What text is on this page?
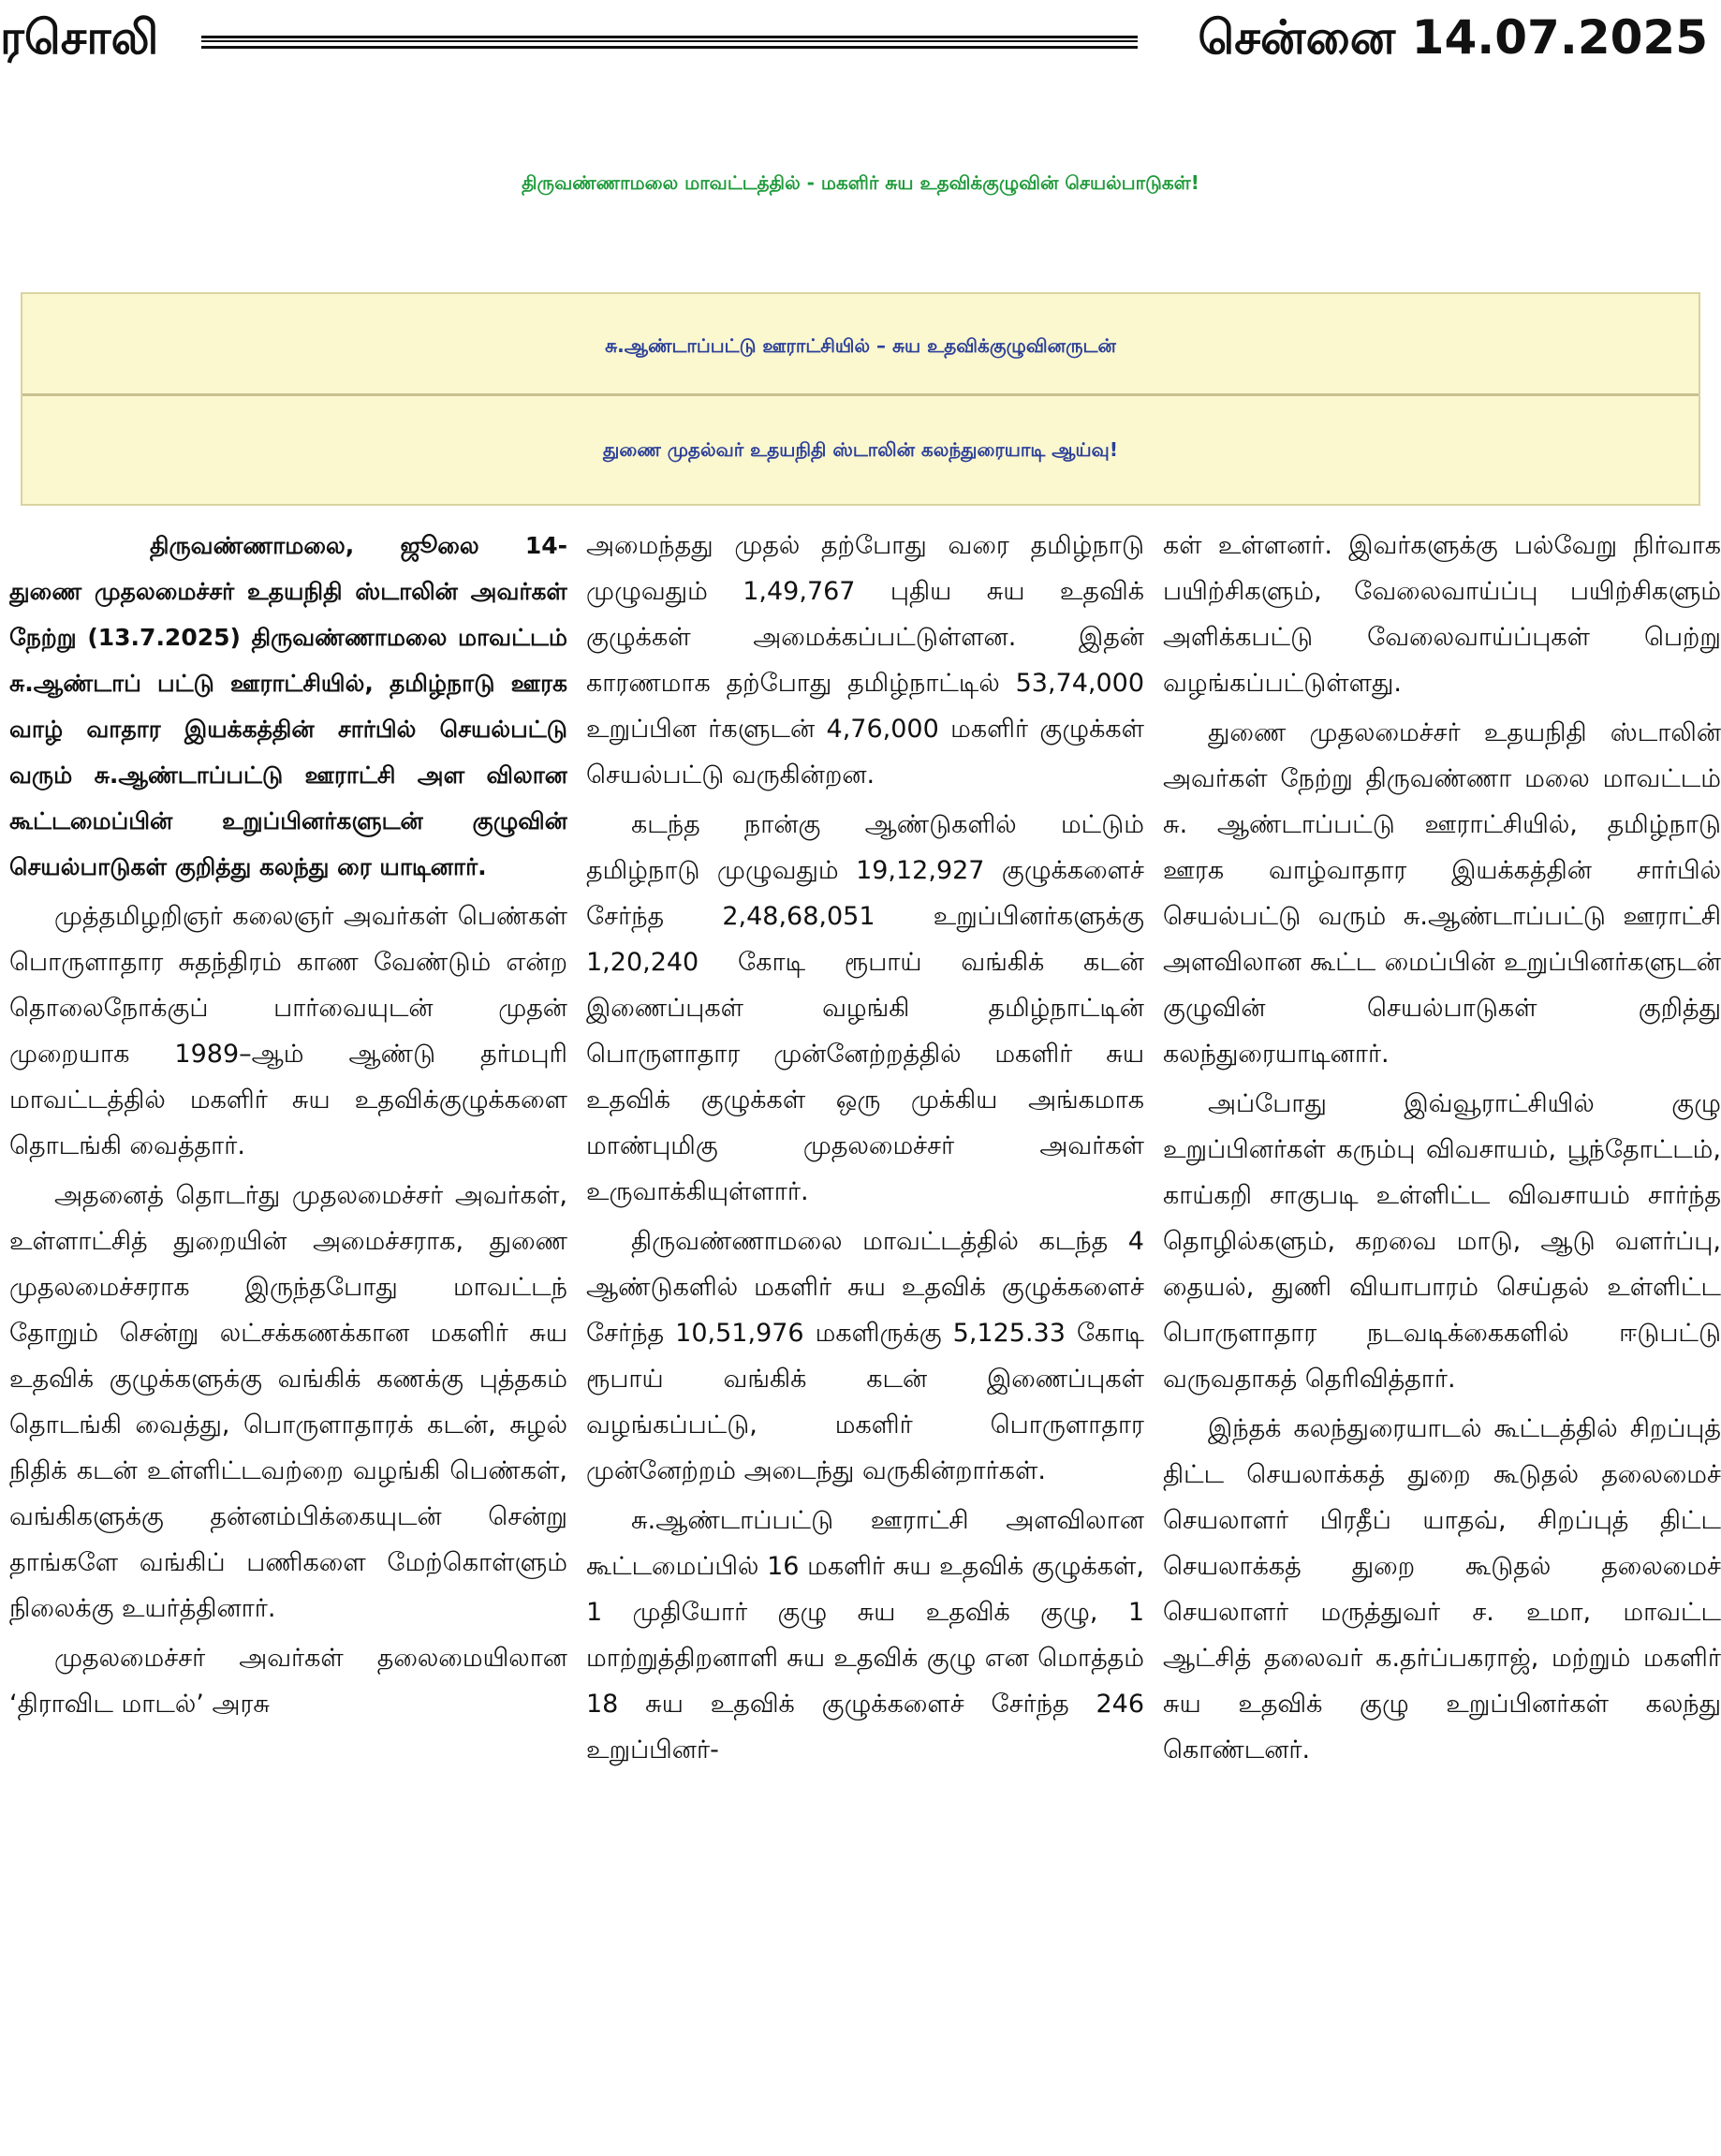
ரசொலி	சென்னை 14.07.2025
திருவண்ணாமலை மாவட்டத்தில் - மகளிர் சுய உதவிக்குழுவின் செயல்பாடுகள்!
சு.ஆண்டாப்பட்டு ஊராட்சியில் – சுய உதவிக்குழுவினருடன்
துணை முதல்வர் உதயநிதி ஸ்டாலின் கலந்துரையாடி ஆய்வு!

திருவண்ணாமலை, ஜூலை 14- துணை முதலமைச்சர் உதயநிதி ஸ்டாலின் அவர்கள் நேற்று (13.7.2025) திருவண்ணாமலை மாவட்டம் சு.ஆண்டாப் பட்டு ஊராட்சியில், தமிழ்நாடு ஊரக வாழ் வாதார இயக்கத்தின் சார்பில் செயல்பட்டு வரும் சு.ஆண்டாப்பட்டு ஊராட்சி அள விலான கூட்டமைப்பின் உறுப்பினர்களுடன் குழுவின் செயல்பாடுகள் குறித்து கலந்து ரை யாடினார்.

முத்தமிழறிஞர் கலைஞர் அவர்கள் பெண்கள் பொருளாதார சுதந்திரம் காண வேண்டும் என்ற தொலைநோக்குப் பார்வையுடன் முதன் முறையாக 1989–ஆம் ஆண்டு தர்மபுரி மாவட்டத்தில் மகளிர் சுய உதவிக்குழுக்களை தொடங்கி வைத்தார்.

அதனைத் தொடர்து முதலமைச்சர் அவர்கள், உள்ளாட்சித் துறையின் அமைச்சராக, துணை முதலமைச்சராக இருந்தபோது மாவட்டந் தோறும் சென்று லட்சக்கணக்கான மகளிர் சுய உதவிக் குழுக்களுக்கு வங்கிக் கணக்கு புத்தகம் தொடங்கி வைத்து, பொருளாதாரக் கடன், சுழல் நிதிக் கடன் உள்ளிட்டவற்றை வழங்கி பெண்கள், வங்கிகளுக்கு தன்னம்பிக்கையுடன் சென்று தாங்களே வங்கிப் பணிகளை மேற்கொள்ளும் நிலைக்கு உயர்த்தினார்.

முதலமைச்சர் அவர்கள் தலைமையிலான ‘திராவிட மாடல்’ அரசு

அமைந்தது முதல் தற்போது வரை தமிழ்நாடு முழுவதும் 1,49,767 புதிய சுய உதவிக் குழுக்கள் அமைக்கப்பட்டுள்ளன. இதன் காரணமாக தற்போது தமிழ்நாட்டில் 53,74,000 உறுப்பின ர்களுடன் 4,76,000 மகளிர் குழுக்கள் செயல்பட்டு வருகின்றன.

கடந்த நான்கு ஆண்டுகளில் மட்டும் தமிழ்நாடு முழுவதும் 19,12,927 குழுக்களைச் சேர்ந்த 2,48,68,051 உறுப்பினர்களுக்கு 1,20,240 கோடி ரூபாய் வங்கிக் கடன் இணைப்புகள் வழங்கி தமிழ்நாட்டின் பொருளாதார முன்னேற்றத்தில் மகளிர் சுய உதவிக் குழுக்கள் ஒரு முக்கிய அங்கமாக மாண்புமிகு முதலமைச்சர் அவர்கள் உருவாக்கியுள்ளார்.

திருவண்ணாமலை மாவட்டத்தில் கடந்த 4 ஆண்டுகளில் மகளிர் சுய உதவிக் குழுக்களைச் சேர்ந்த 10,51,976 மகளிருக்கு 5,125.33 கோடி ரூபாய் வங்கிக் கடன் இணைப்புகள் வழங்கப்பட்டு, மகளிர் பொருளாதார முன்னேற்றம் அடைந்து வருகின்றார்கள்.

சு.ஆண்டாப்பட்டு ஊராட்சி அளவிலான கூட்டமைப்பில் 16 மகளிர் சுய உதவிக் குழுக்கள், 1 முதியோர் குழு சுய உதவிக் குழு, 1 மாற்றுத்திறனாளி சுய உதவிக் குழு என மொத்தம் 18 சுய உதவிக் குழுக்களைச் சேர்ந்த 246 உறுப்பினர்-

கள் உள்ளனர். இவர்களுக்கு பல்வேறு நிர்வாக பயிற்சிகளும், வேலைவாய்ப்பு பயிற்சிகளும் அளிக்கபட்டு வேலைவாய்ப்புகள் பெற்று வழங்கப்பட்டுள்ளது.

துணை முதலமைச்சர் உதயநிதி ஸ்டாலின் அவர்கள் நேற்று திருவண்ணா மலை மாவட்டம் சு. ஆண்டாப்பட்டு ஊராட்சியில், தமிழ்நாடு ஊரக வாழ்வாதார இயக்கத்தின் சார்பில் செயல்பட்டு வரும் சு.ஆண்டாப்பட்டு ஊராட்சி அளவிலான கூட்ட மைப்பின் உறுப்பினர்களுடன் குழுவின் செயல்பாடுகள் குறித்து கலந்துரையாடினார்.

அப்போது இவ்வூராட்சியில் குழு உறுப்பினர்கள் கரும்பு விவசாயம், பூந்தோட்டம், காய்கறி சாகுபடி உள்ளிட்ட விவசாயம் சார்ந்த தொழில்களும், கறவை மாடு, ஆடு வளர்ப்பு, தையல், துணி வியாபாரம் செய்தல் உள்ளிட்ட பொருளாதார நடவடிக்கைகளில் ஈடுபட்டு வருவதாகத் தெரிவித்தார்.

இந்தக் கலந்துரையாடல் கூட்டத்தில் சிறப்புத் திட்ட செயலாக்கத் துறை கூடுதல் தலைமைச் செயலாளர் பிரதீப் யாதவ், சிறப்புத் திட்ட செயலாக்கத் துறை கூடுதல் தலைமைச் செயலாளர் மருத்துவர் ச. உமா, மாவட்ட ஆட்சித் தலைவர் க.தர்ப்பகராஜ், மற்றும் மகளிர் சுய உதவிக் குழு உறுப்பினர்கள் கலந்து கொண்டனர்.
